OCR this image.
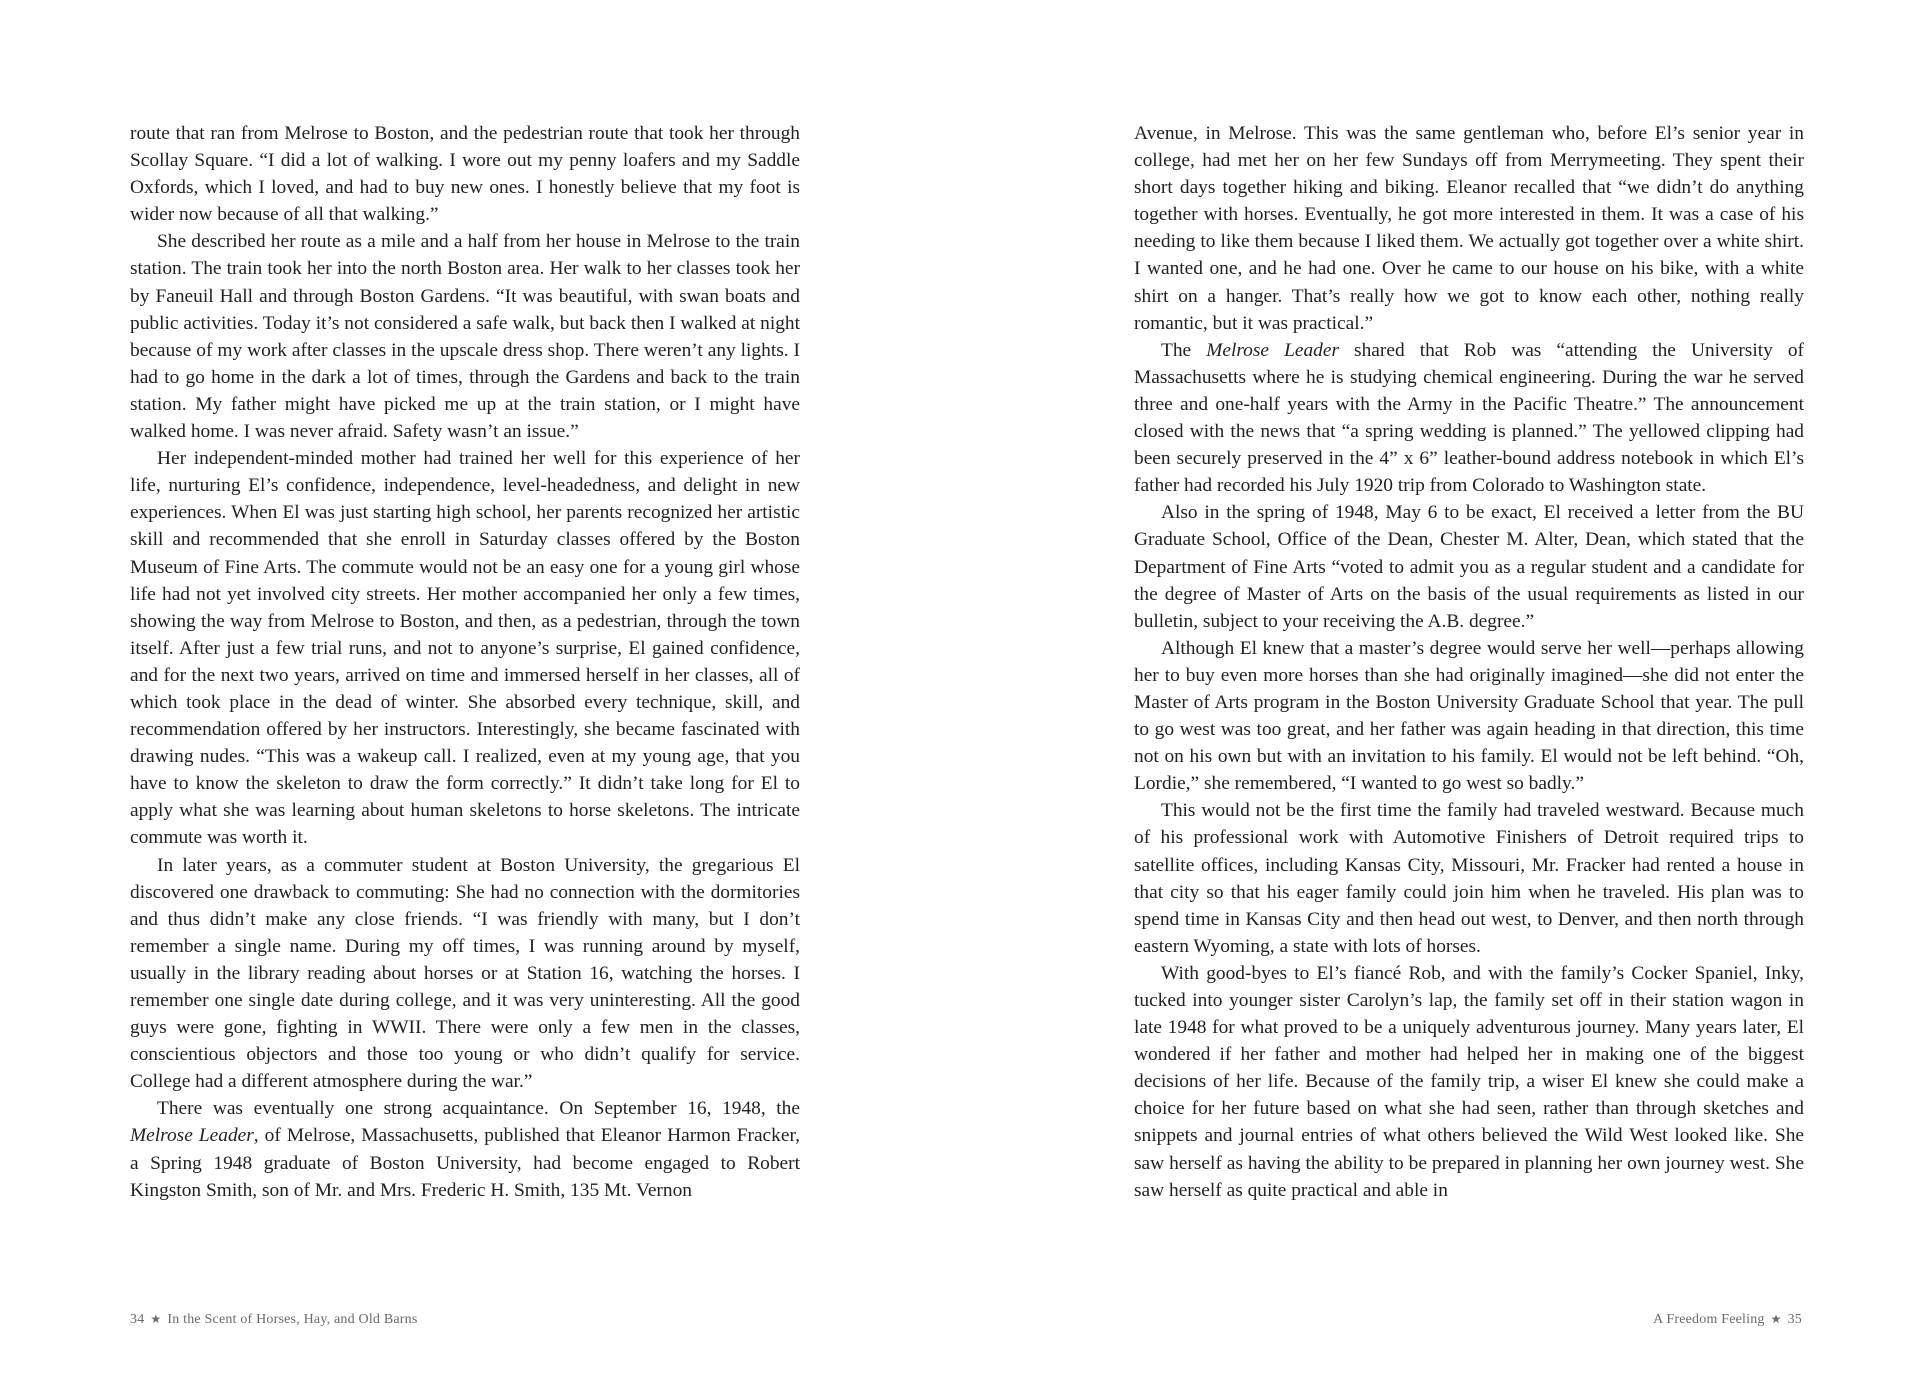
route that ran from Melrose to Boston, and the pedestrian route that took her through Scollay Square. “I did a lot of walking. I wore out my penny loafers and my Saddle Oxfords, which I loved, and had to buy new ones. I honestly believe that my foot is wider now because of all that walking.”

She described her route as a mile and a half from her house in Melrose to the train station. The train took her into the north Boston area. Her walk to her classes took her by Faneuil Hall and through Boston Gardens. “It was beautiful, with swan boats and public activities. Today it’s not considered a safe walk, but back then I walked at night because of my work after classes in the upscale dress shop. There weren’t any lights. I had to go home in the dark a lot of times, through the Gardens and back to the train station. My father might have picked me up at the train station, or I might have walked home. I was never afraid. Safety wasn’t an issue.”

Her independent-minded mother had trained her well for this experience of her life, nurturing El’s confidence, independence, level-headedness, and delight in new experiences. When El was just starting high school, her parents recognized her artistic skill and recommended that she enroll in Saturday classes offered by the Boston Museum of Fine Arts. The commute would not be an easy one for a young girl whose life had not yet involved city streets. Her mother accompanied her only a few times, showing the way from Melrose to Boston, and then, as a pedestrian, through the town itself. After just a few trial runs, and not to anyone’s surprise, El gained confidence, and for the next two years, arrived on time and immersed herself in her classes, all of which took place in the dead of winter. She absorbed every technique, skill, and recommendation offered by her instructors. Interestingly, she became fascinated with drawing nudes. “This was a wakeup call. I realized, even at my young age, that you have to know the skeleton to draw the form correctly.” It didn’t take long for El to apply what she was learning about human skeletons to horse skeletons. The intricate commute was worth it.

In later years, as a commuter student at Boston University, the gregarious El discovered one drawback to commuting: She had no connection with the dormitories and thus didn’t make any close friends. “I was friendly with many, but I don’t remember a single name. During my off times, I was running around by myself, usually in the library reading about horses or at Station 16, watching the horses. I remember one single date during college, and it was very uninteresting. All the good guys were gone, fighting in WWII. There were only a few men in the classes, conscientious objectors and those too young or who didn’t qualify for service. College had a different atmosphere during the war.”

There was eventually one strong acquaintance. On September 16, 1948, the Melrose Leader, of Melrose, Massachusetts, published that Eleanor Harmon Fracker, a Spring 1948 graduate of Boston University, had become engaged to Robert Kingston Smith, son of Mr. and Mrs. Frederic H. Smith, 135 Mt. Vernon

34 ★ In the Scent of Horses, Hay, and Old Barns

Avenue, in Melrose. This was the same gentleman who, before El’s senior year in college, had met her on her few Sundays off from Merrymeeting. They spent their short days together hiking and biking. Eleanor recalled that “we didn’t do anything together with horses. Eventually, he got more interested in them. It was a case of his needing to like them because I liked them. We actually got together over a white shirt. I wanted one, and he had one. Over he came to our house on his bike, with a white shirt on a hanger. That’s really how we got to know each other, nothing really romantic, but it was practical.”

The Melrose Leader shared that Rob was “attending the University of Massachusetts where he is studying chemical engineering. During the war he served three and one-half years with the Army in the Pacific Theatre.” The announcement closed with the news that “a spring wedding is planned.” The yellowed clipping had been securely preserved in the 4” x 6” leather-bound address notebook in which El’s father had recorded his July 1920 trip from Colorado to Washington state.

Also in the spring of 1948, May 6 to be exact, El received a letter from the BU Graduate School, Office of the Dean, Chester M. Alter, Dean, which stated that the Department of Fine Arts “voted to admit you as a regular student and a candidate for the degree of Master of Arts on the basis of the usual requirements as listed in our bulletin, subject to your receiving the A.B. degree.”

Although El knew that a master’s degree would serve her well—perhaps allowing her to buy even more horses than she had originally imagined—she did not enter the Master of Arts program in the Boston University Graduate School that year. The pull to go west was too great, and her father was again heading in that direction, this time not on his own but with an invitation to his family. El would not be left behind. “Oh, Lordie,” she remembered, “I wanted to go west so badly.”

This would not be the first time the family had traveled westward. Because much of his professional work with Automotive Finishers of Detroit required trips to satellite offices, including Kansas City, Missouri, Mr. Fracker had rented a house in that city so that his eager family could join him when he traveled. His plan was to spend time in Kansas City and then head out west, to Denver, and then north through eastern Wyoming, a state with lots of horses.

With good-byes to El’s fiancé Rob, and with the family’s Cocker Spaniel, Inky, tucked into younger sister Carolyn’s lap, the family set off in their station wagon in late 1948 for what proved to be a uniquely adventurous journey. Many years later, El wondered if her father and mother had helped her in making one of the biggest decisions of her life. Because of the family trip, a wiser El knew she could make a choice for her future based on what she had seen, rather than through sketches and snippets and journal entries of what others believed the Wild West looked like. She saw herself as having the ability to be prepared in planning her own journey west. She saw herself as quite practical and able in

A Freedom Feeling ★ 35
